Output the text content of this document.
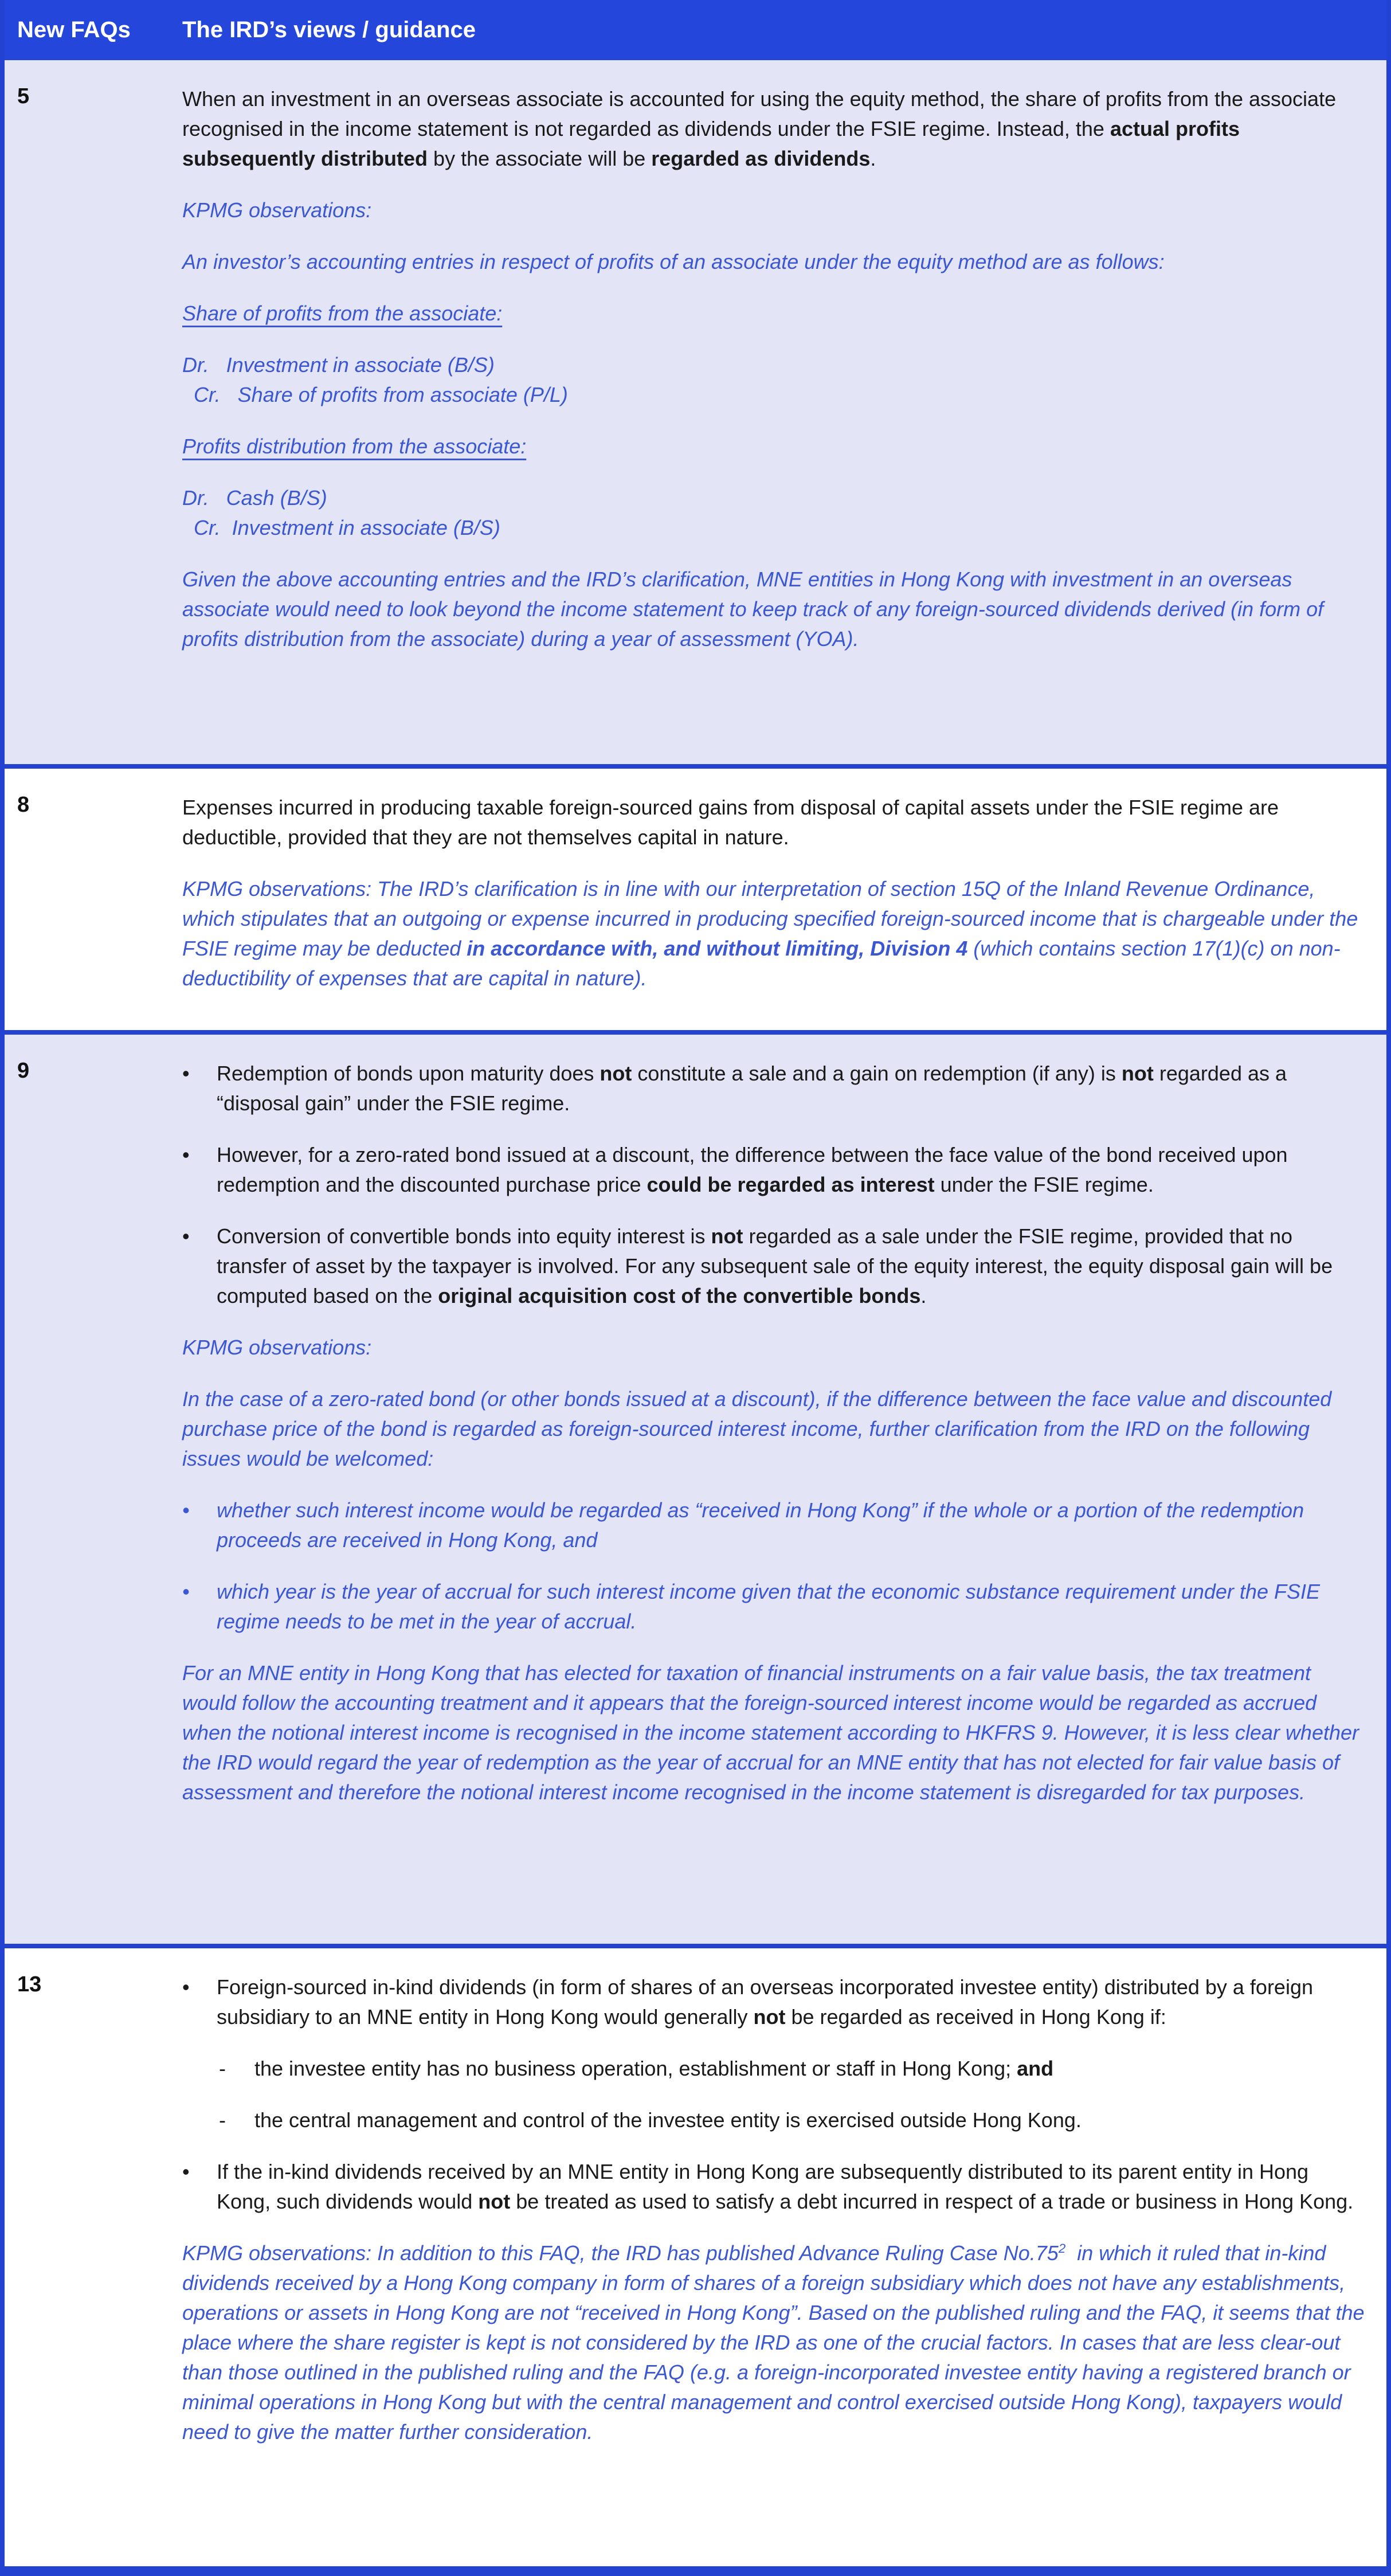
New FAQs	The IRD’s views / guidance
5	When an investment in an overseas associate is accounted for using the equity method, the share of profits from the associate recognised in the income statement is not regarded as dividends under the FSIE regime. Instead, the actual profits subsequently distributed by the associate will be regarded as dividends.
KPMG observations:
An investor’s accounting entries in respect of profits of an associate under the equity method are as follows:
Share of profits from the associate:
Dr.   Investment in associate (B/S)
Cr.   Share of profits from associate (P/L)
Profits distribution from the associate:
Dr.   Cash (B/S)
Cr.  Investment in associate (B/S)
Given the above accounting entries and the IRD’s clarification, MNE entities in Hong Kong with investment in an overseas associate would need to look beyond the income statement to keep track of any foreign-sourced dividends derived (in form of profits distribution from the associate) during a year of assessment (YOA).
8	Expenses incurred in producing taxable foreign-sourced gains from disposal of capital assets under the FSIE regime are deductible, provided that they are not themselves capital in nature.
KPMG observations: The IRD’s clarification is in line with our interpretation of section 15Q of the Inland Revenue Ordinance, which stipulates that an outgoing or expense incurred in producing specified foreign-sourced income that is chargeable under the FSIE regime may be deducted in accordance with, and without limiting, Division 4 (which contains section 17(1)(c) on non-deductibility of expenses that are capital in nature).
9	•	Redemption of bonds upon maturity does not constitute a sale and a gain on redemption (if any) is not regarded as a “disposal gain” under the FSIE regime.
•	However, for a zero-rated bond issued at a discount, the difference between the face value of the bond received upon redemption and the discounted purchase price could be regarded as interest under the FSIE regime.
•	Conversion of convertible bonds into equity interest is not regarded as a sale under the FSIE regime, provided that no transfer of asset by the taxpayer is involved. For any subsequent sale of the equity interest, the equity disposal gain will be computed based on the original acquisition cost of the convertible bonds.
KPMG observations:
In the case of a zero-rated bond (or other bonds issued at a discount), if the difference between the face value and discounted purchase price of the bond is regarded as foreign-sourced interest income, further clarification from the IRD on the following issues would be welcomed:
•	whether such interest income would be regarded as “received in Hong Kong” if the whole or a portion of the redemption proceeds are received in Hong Kong, and
•	which year is the year of accrual for such interest income given that the economic substance requirement under the FSIE regime needs to be met in the year of accrual.
For an MNE entity in Hong Kong that has elected for taxation of financial instruments on a fair value basis, the tax treatment would follow the accounting treatment and it appears that the foreign-sourced interest income would be regarded as accrued when the notional interest income is recognised in the income statement according to HKFRS 9. However, it is less clear whether the IRD would regard the year of redemption as the year of accrual for an MNE entity that has not elected for fair value basis of assessment and therefore the notional interest income recognised in the income statement is disregarded for tax purposes.
13	•	Foreign-sourced in-kind dividends (in form of shares of an overseas incorporated investee entity) distributed by a foreign subsidiary to an MNE entity in Hong Kong would generally not be regarded as received in Hong Kong if:
-	the investee entity has no business operation, establishment or staff in Hong Kong; and
-	the central management and control of the investee entity is exercised outside Hong Kong.
•	If the in-kind dividends received by an MNE entity in Hong Kong are subsequently distributed to its parent entity in Hong Kong, such dividends would not be treated as used to satisfy a debt incurred in respect of a trade or business in Hong Kong.
KPMG observations: In addition to this FAQ, the IRD has published Advance Ruling Case $No.75^2$  in which it ruled that in-kind dividends received by a Hong Kong company in form of shares of a foreign subsidiary which does not have any establishments, operations or assets in Hong Kong are not “received in Hong Kong”. Based on the published ruling and the FAQ, it seems that the place where the share register is kept is not considered by the IRD as one of the crucial factors. In cases that are less clear-out than those outlined in the published ruling and the FAQ (e.g. a foreign-incorporated investee entity having a registered branch or minimal operations in Hong Kong but with the central management and control exercised outside Hong Kong), taxpayers would need to give the matter further consideration.
